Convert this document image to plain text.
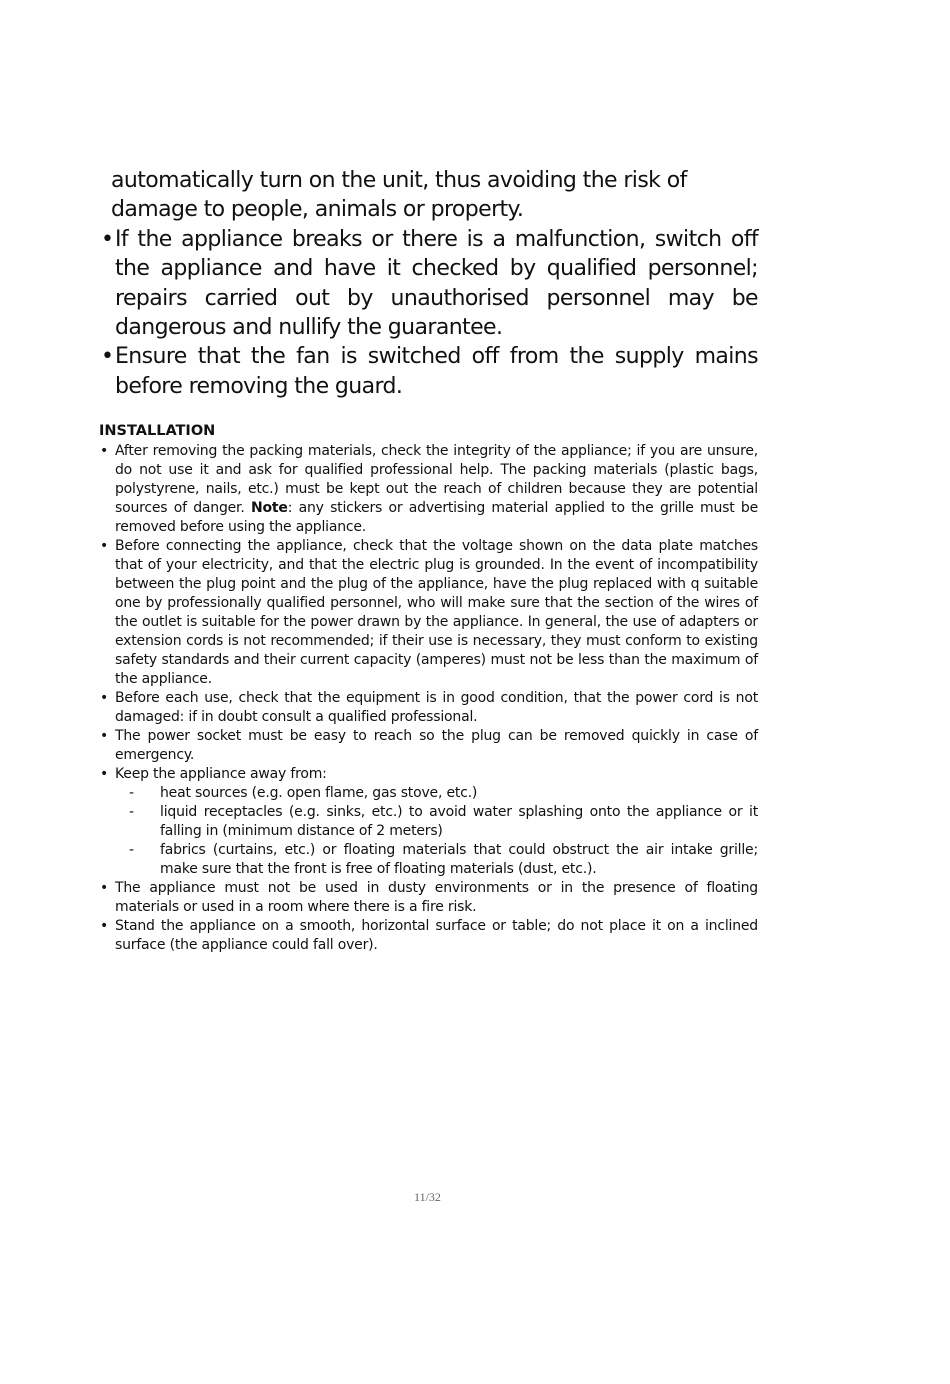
automatically turn on the unit, thus avoiding the risk of damage to people, animals or property.

• If the appliance breaks or there is a malfunction, switch off the appliance and have it checked by qualified personnel; repairs carried out by unauthorised personnel may be dangerous and nullify the guarantee.
• Ensure that the fan is switched off from the supply mains before removing the guard.
INSTALLATION
• After removing the packing materials, check the integrity of the appliance; if you are unsure, do not use it and ask for qualified professional help. The packing materials (plastic bags, polystyrene, nails, etc.) must be kept out the reach of children because they are potential sources of danger. Note: any stickers or advertising material applied to the grille must be removed before using the appliance.
• Before connecting the appliance, check that the voltage shown on the data plate matches that of your electricity, and that the electric plug is grounded. In the event of incompatibility between the plug point and the plug of the appliance, have the plug replaced with q suitable one by professionally qualified personnel, who will make sure that the section of the wires of the outlet is suitable for the power drawn by the appliance. In general, the use of adapters or extension cords is not recommended; if their use is necessary, they must conform to existing safety standards and their current capacity (amperes) must not be less than the maximum of the appliance.
• Before each use, check that the equipment is in good condition, that the power cord is not damaged: if in doubt consult a qualified professional.
• The power socket must be easy to reach so the plug can be removed quickly in case of emergency.
• Keep the appliance away from:
- heat sources (e.g. open flame, gas stove, etc.)
- liquid receptacles (e.g. sinks, etc.) to avoid water splashing onto the appliance or it falling in (minimum distance of 2 meters)
- fabrics (curtains, etc.) or floating materials that could obstruct the air intake grille; make sure that the front is free of floating materials (dust, etc.).
• The appliance must not be used in dusty environments or in the presence of floating materials or used in a room where there is a fire risk.
• Stand the appliance on a smooth, horizontal surface or table; do not place it on a inclined surface (the appliance could fall over).
11/32
